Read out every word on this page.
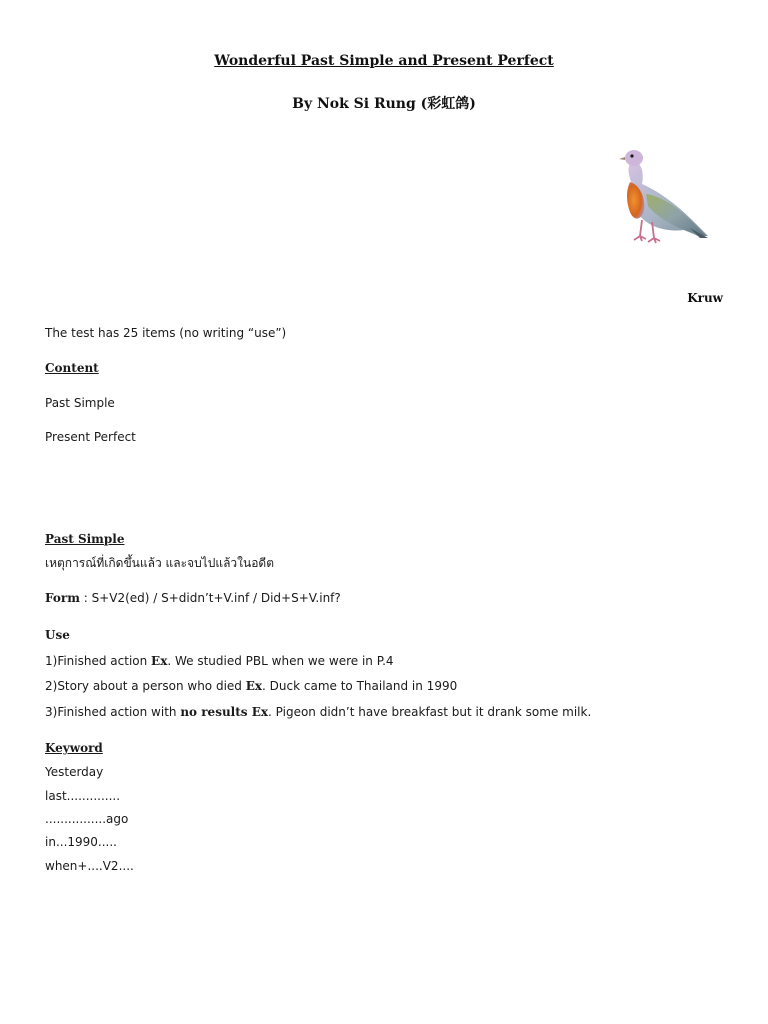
Wonderful Past Simple and Present Perfect
By Nok Si Rung (彩虹鸽)
Kruw
The test has 25 items (no writing “use”)
Content
Past Simple
Present Perfect
Past Simple
เหตุการณ์ที่เกิดขึ้นแล้ว และจบไปแล้วในอดีต
Form : S+V2(ed) / S+didn’t+V.inf / Did+S+V.inf?
Use
1)Finished action Ex. We studied PBL when we were in P.4
2)Story about a person who died Ex. Duck came to Thailand in 1990
3)Finished action with no results Ex. Pigeon didn’t have breakfast but it drank some milk.
Keyword
Yesterday
last..............
................ago
in...1990.....
when+....V2....
